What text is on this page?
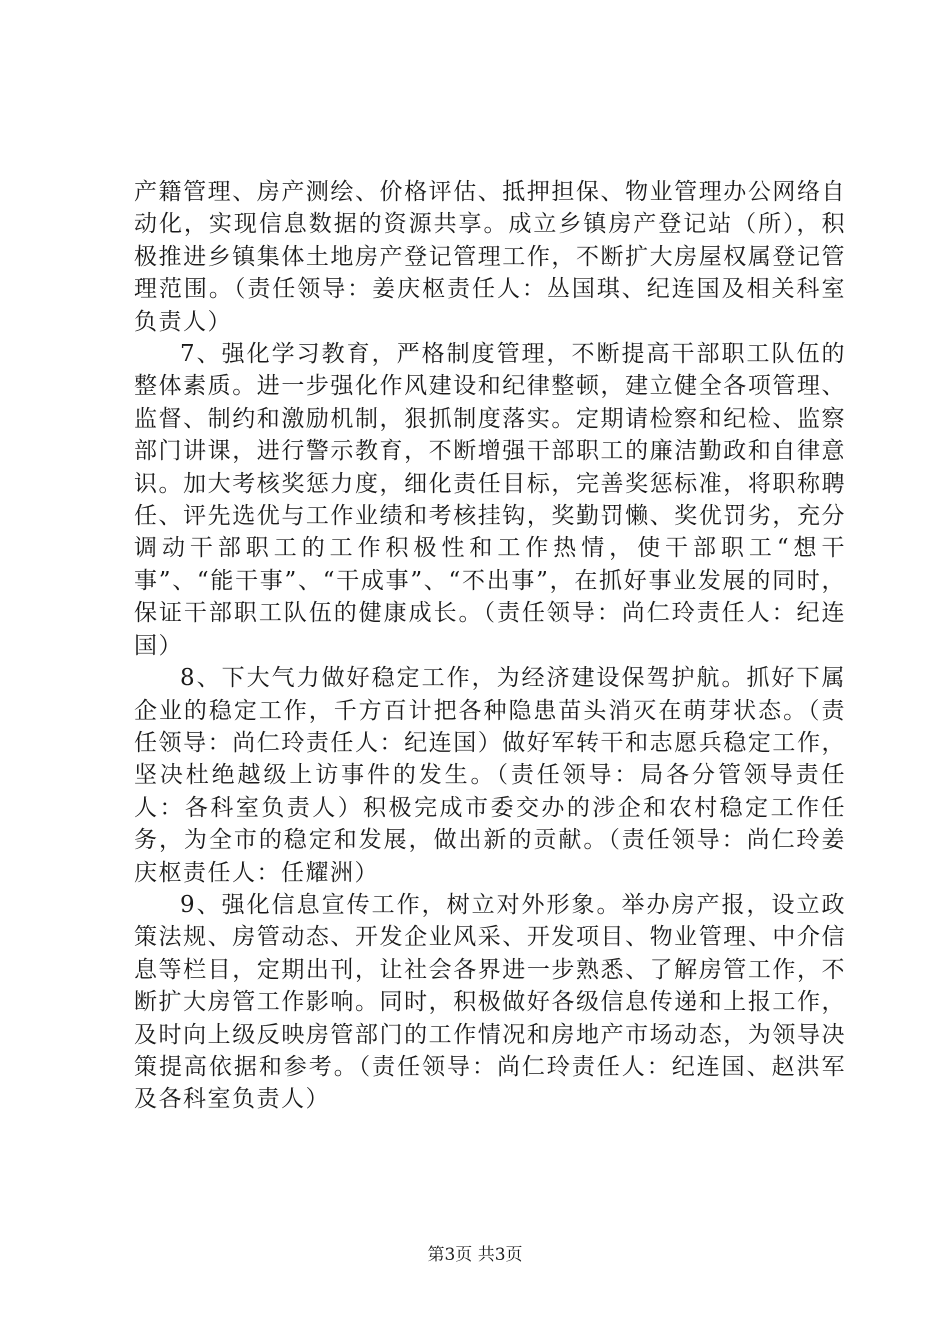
产籍管理、房产测绘、价格评估、抵押担保、物业管理办公网络自动化，实现信息数据的资源共享。成立乡镇房产登记站（所），积极推进乡镇集体土地房产登记管理工作，不断扩大房屋权属登记管理范围。（责任领导：姜庆枢责任人：丛国琪、纪连国及相关科室负责人）

7、强化学习教育，严格制度管理，不断提高干部职工队伍的整体素质。进一步强化作风建设和纪律整顿，建立健全各项管理、监督、制约和激励机制，狠抓制度落实。定期请检察和纪检、监察部门讲课，进行警示教育，不断增强干部职工的廉洁勤政和自律意识。加大考核奖惩力度，细化责任目标，完善奖惩标准，将职称聘任、评先选优与工作业绩和考核挂钩，奖勤罚懒、奖优罚劣，充分调动干部职工的工作积极性和工作热情，使干部职工“想干事”、“能干事”、“干成事”、“不出事”，在抓好事业发展的同时，保证干部职工队伍的健康成长。（责任领导：尚仁玲责任人：纪连国）

8、下大气力做好稳定工作，为经济建设保驾护航。抓好下属企业的稳定工作，千方百计把各种隐患苗头消灭在萌芽状态。（责任领导：尚仁玲责任人：纪连国）做好军转干和志愿兵稳定工作，坚决杜绝越级上访事件的发生。（责任领导：局各分管领导责任人：各科室负责人）积极完成市委交办的涉企和农村稳定工作任务，为全市的稳定和发展，做出新的贡献。（责任领导：尚仁玲姜庆枢责任人：任耀洲）

9、强化信息宣传工作，树立对外形象。举办房产报，设立政策法规、房管动态、开发企业风采、开发项目、物业管理、中介信息等栏目，定期出刊，让社会各界进一步熟悉、了解房管工作，不断扩大房管工作影响。同时，积极做好各级信息传递和上报工作，及时向上级反映房管部门的工作情况和房地产市场动态，为领导决策提高依据和参考。（责任领导：尚仁玲责任人：纪连国、赵洪军及各科室负责人）

第3页 共3页
